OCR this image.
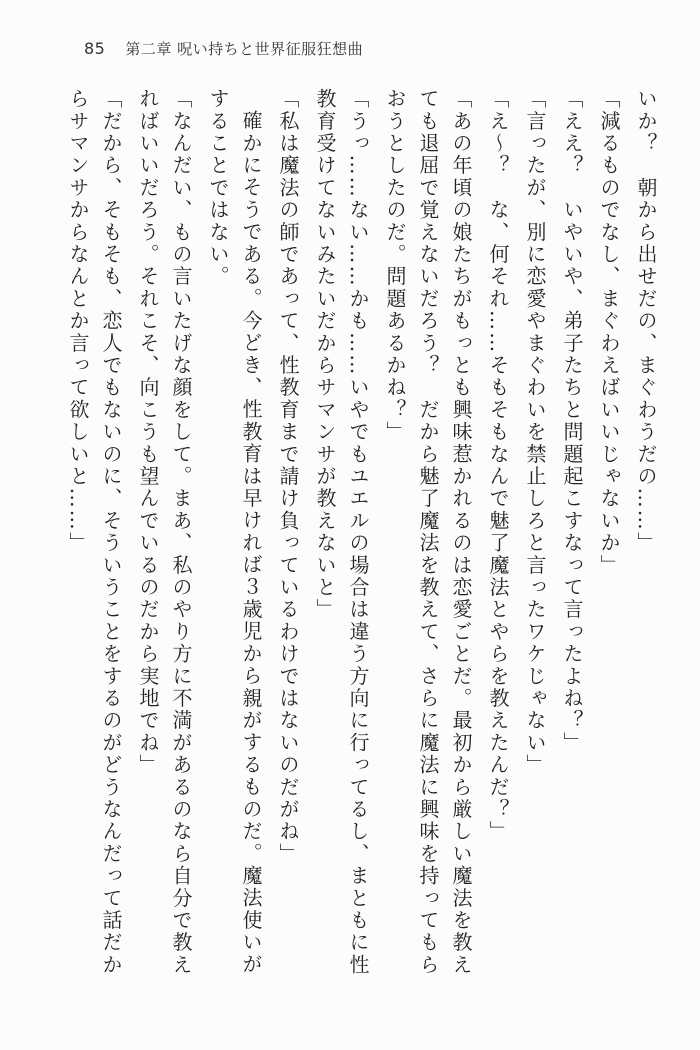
85 第二章 呪い持ちと世界征服狂想曲

いか？　朝から出せだの、まぐわうだの……」

「減るものでなし、まぐわえばいいじゃないか」

「ええ？　いやいや、弟子たちと問題起こすなって言ったよね？」

「言ったが、別に恋愛やまぐわいを禁止しろと言ったワケじゃない」

「え〜？　な、何それ……そもそもなんで魅了魔法とやらを教えたんだ？」

「あの年頃の娘たちがもっとも興味惹かれるのは恋愛ごとだ。最初から厳しい魔法を教えても退屈で覚えないだろう？　だから魅了魔法を教えて、さらに魔法に興味を持ってもらおうとしたのだ。問題あるかね？」

「うっ……ない……かも……いやでもユエルの場合は違う方向に行ってるし、まともに性教育受けてないみたいだからサマンサが教えないと」

「私は魔法の師であって、性教育まで請け負っているわけではないのだがね」

確かにそうである。今どき、性教育は早ければ３歳児から親がするものだ。魔法使いがすることではない。

「なんだい、もの言いたげな顔をして。まあ、私のやり方に不満があるのなら自分で教えればいいだろう。それこそ、向こうも望んでいるのだから実地でね」

「だから、そもそも、恋人でもないのに、そういうことをするのがどうなんだって話だからサマンサからなんとか言って欲しいと……」
